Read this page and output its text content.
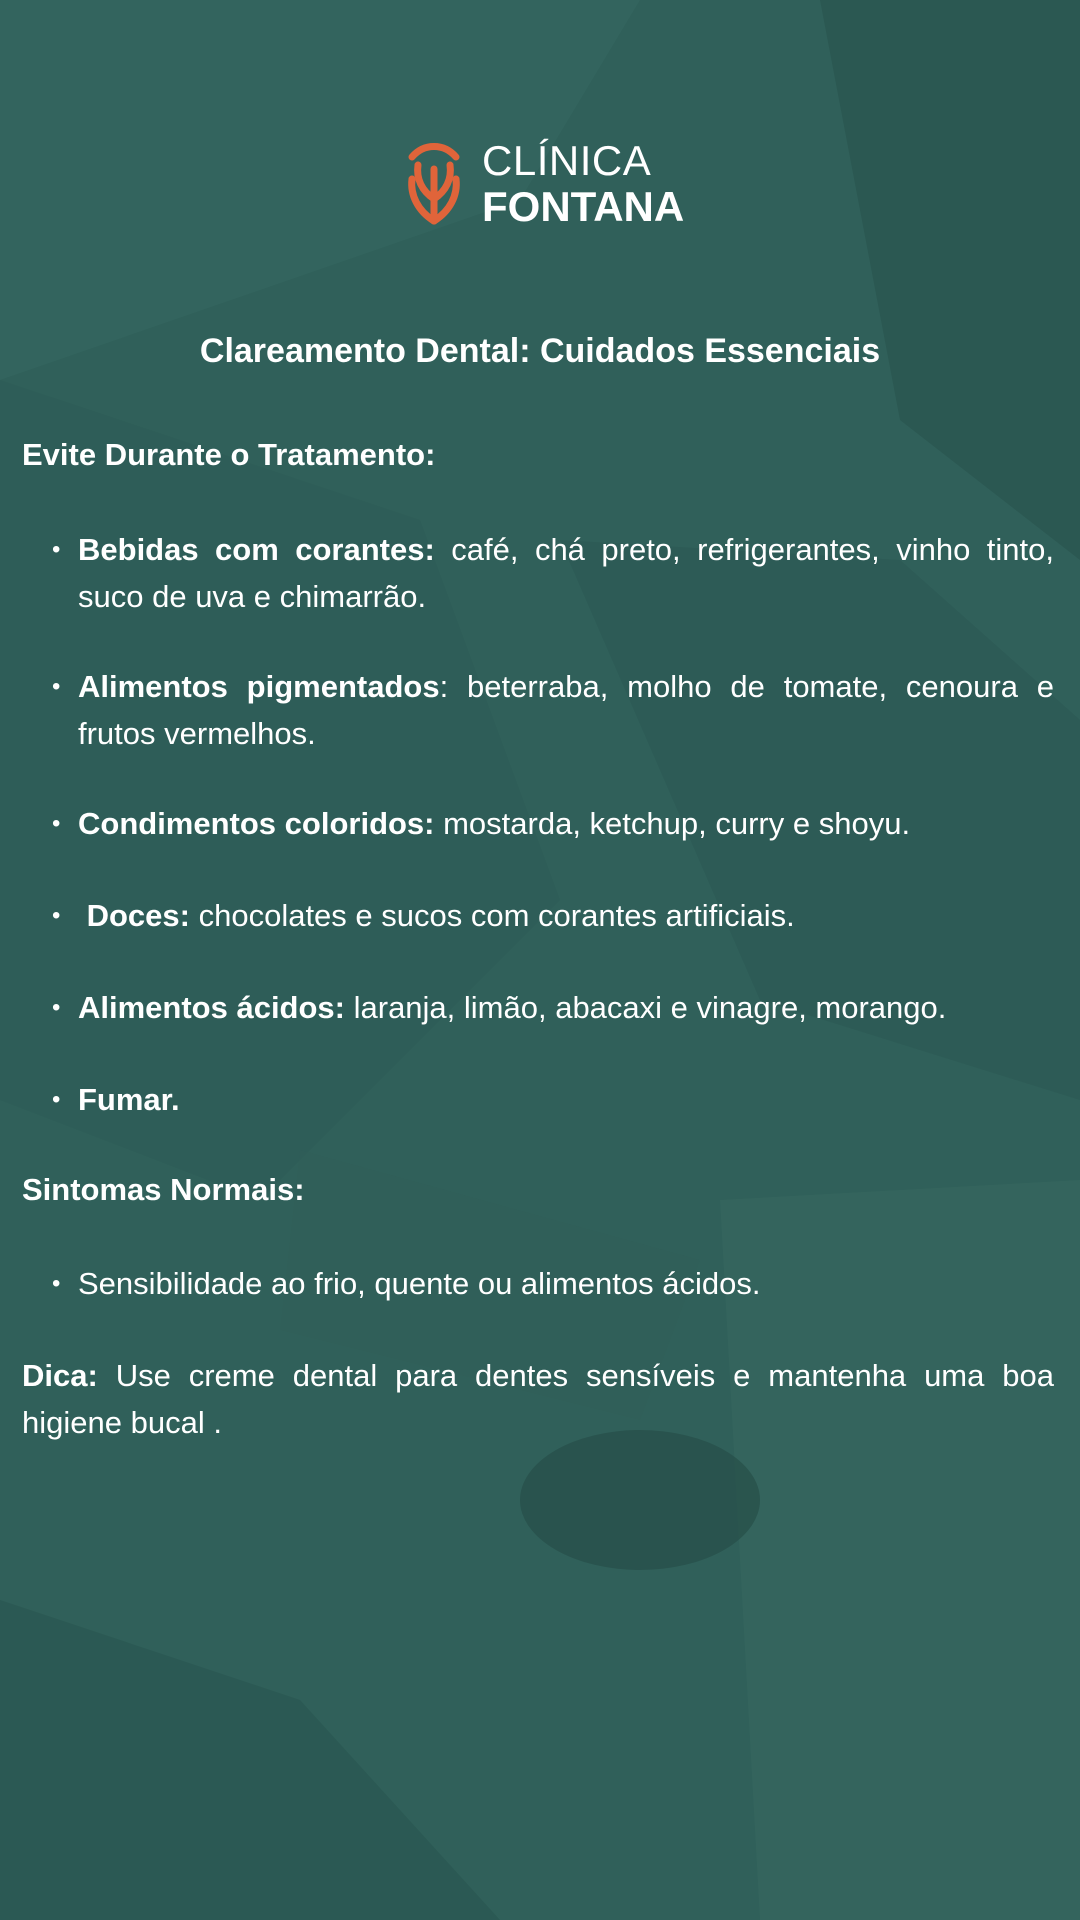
CLÍNICA
FONTANA
Clareamento Dental: Cuidados Essenciais
Evite Durante o Tratamento:
• Bebidas com corantes: café, chá preto, refrigerantes, vinho tinto, suco de uva e chimarrão.
• Alimentos pigmentados: beterraba, molho de tomate, cenoura e frutos vermelhos.
• Condimentos coloridos: mostarda, ketchup, curry e shoyu.
• Doces: chocolates e sucos com corantes artificiais.
• Alimentos ácidos: laranja, limão, abacaxi e vinagre, morango.
• Fumar.
Sintomas Normais:
• Sensibilidade ao frio, quente ou alimentos ácidos.
Dica: Use creme dental para dentes sensíveis e mantenha uma boa higiene bucal .
